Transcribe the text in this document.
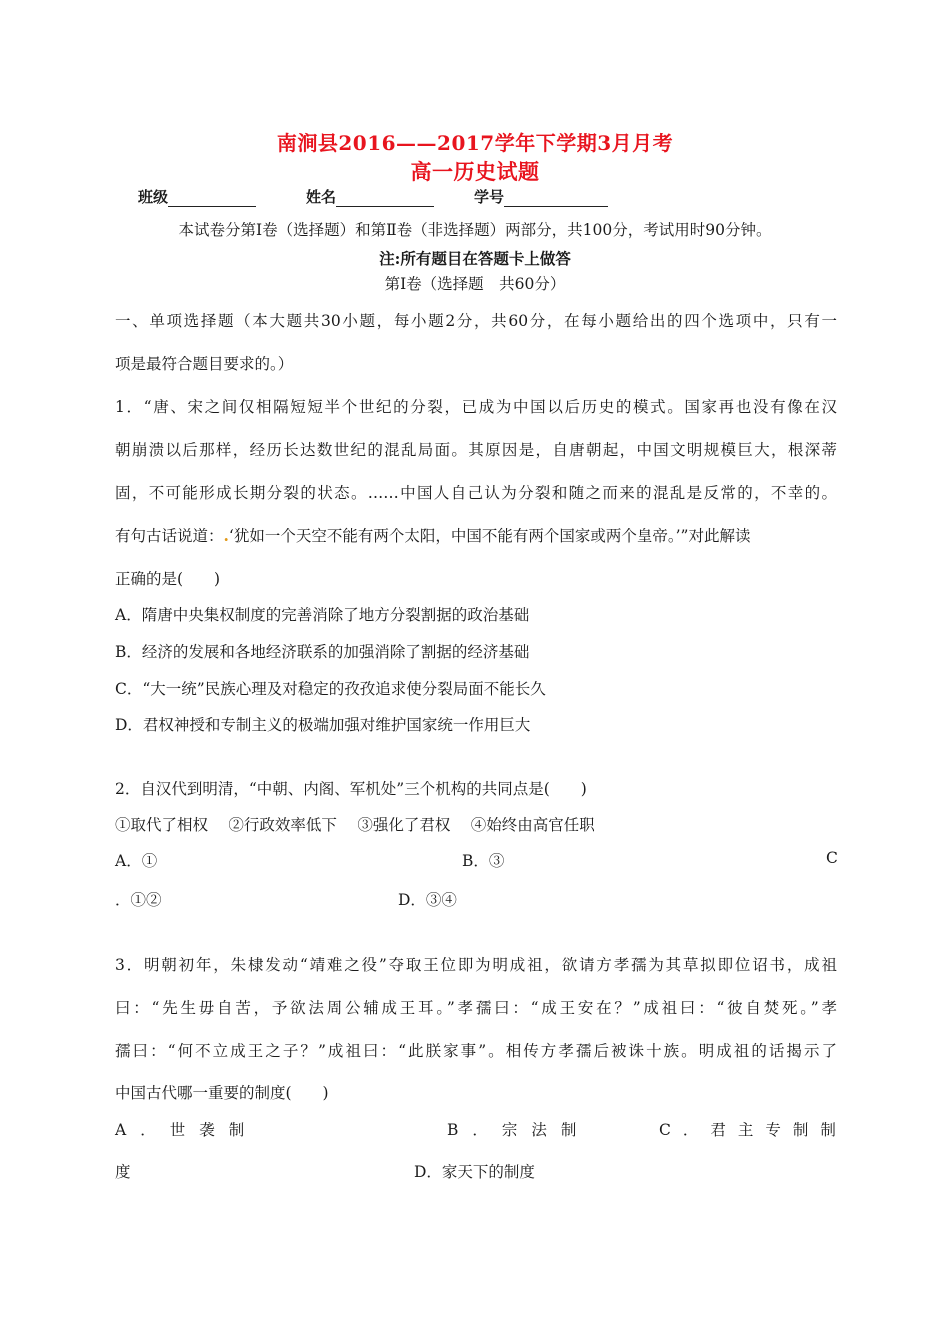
南涧县2016——2017学年下学期3月月考
高一历史试题
班级	姓名	学号
本试卷分第Ⅰ卷（选择题）和第Ⅱ卷（非选择题）两部分，共100分，考试用时90分钟。
注:所有题目在答题卡上做答
第Ⅰ卷（选择题　共60分）
一、单项选择题（本大题共30小题，每小题2分，共60分，在每小题给出的四个选项中，只有一
项是最符合题目要求的。）
1．“唐、宋之间仅相隔短短半个世纪的分裂，已成为中国以后历史的模式。国家再也没有像在汉
朝崩溃以后那样，经历长达数世纪的混乱局面。其原因是，自唐朝起，中国文明规模巨大，根深蒂
固，不可能形成长期分裂的状态。……中国人自己认为分裂和随之而来的混乱是反常的，不幸的。
有句古话说道：.‘犹如一个天空不能有两个太阳，中国不能有两个国家或两个皇帝。’”对此解读
正确的是(　　)
A．隋唐中央集权制度的完善消除了地方分裂割据的政治基础
B．经济的发展和各地经济联系的加强消除了割据的经济基础
C．“大一统”民族心理及对稳定的孜孜追求使分裂局面不能长久
D．君权神授和专制主义的极端加强对维护国家统一作用巨大
2．自汉代到明清，“中朝、内阁、军机处”三个机构的共同点是(　　)
①取代了相权　 ②行政效率低下　 ③强化了君权　 ④始终由高官任职
A．①	B．③	C
．①②	D．③④
3．明朝初年，朱棣发动“靖难之役”夺取王位即为明成祖，欲请方孝孺为其草拟即位诏书，成祖
曰：“先生毋自苦，予欲法周公辅成王耳。”孝孺曰：“成王安在？”成祖曰：“彼自焚死。”孝
孺曰：“何不立成王之子？”成祖曰：“此朕家事”。相传方孝孺后被诛十族。明成祖的话揭示了
中国古代哪一重要的制度(　　)
A．世袭制	B．宗法制	C．君主专制制
度	D．家天下的制度
